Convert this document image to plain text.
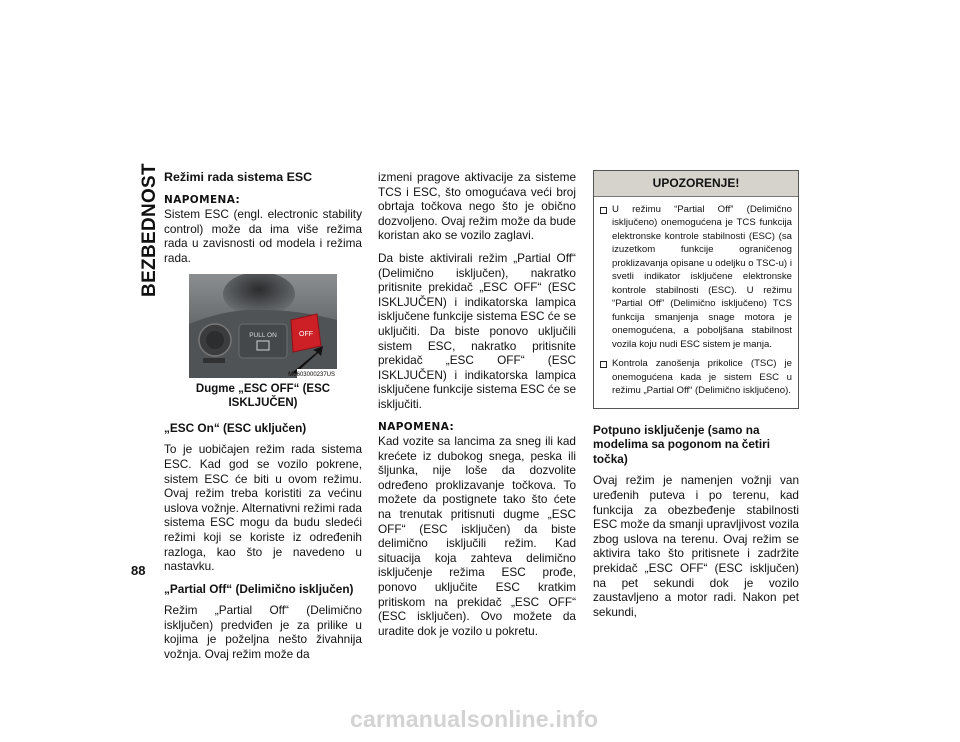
BEZBEDNOST
88
Režimi rada sistema ESC
NAPOMENA:

Sistem ESC (engl. electronic stability control) može da ima više režima rada u zavisnosti od modela i režima rada.

PULL ON	OFF
M0603000237US
Dugme „ESC OFF“ (ESC ISKLJUČEN)
„ESC On“ (ESC uključen)

To je uobičajen režim rada sistema ESC. Kad god se vozilo pokrene, sistem ESC će biti u ovom režimu. Ovaj režim treba koristiti za većinu uslova vožnje. Alternativni režimi rada sistema ESC mogu da budu sledeći režimi koji se koriste iz određenih razloga, kao što je navedeno u nastavku.

„Partial Off“ (Delimično isključen)

Režim „Partial Off“ (Delimično isključen) predviđen je za prilike u kojima je poželjna nešto živahnija vožnja. Ovaj režim može da

izmeni pragove aktivacije za sisteme TCS i ESC, što omogućava veći broj obrtaja točkova nego što je obično dozvoljeno. Ovaj režim može da bude koristan ako se vozilo zaglavi.

Da biste aktivirali režim „Partial Off“ (Delimično isključen), nakratko pritisnite prekidač „ESC OFF“ (ESC ISKLJUČEN) i indikatorska lampica isključene funkcije sistema ESC će se uključiti. Da biste ponovo uključili sistem ESC, nakratko pritisnite prekidač „ESC OFF“ (ESC ISKLJUČEN) i indikatorska lampica isključene funkcije sistema ESC će se isključiti.

NAPOMENA:

Kad vozite sa lancima za sneg ili kad krećete iz dubokog snega, peska ili šljunka, nije loše da dozvolite određeno proklizavanje točkova. To možete da postignete tako što ćete na trenutak pritisnuti dugme „ESC OFF“ (ESC isključen) da biste delimično isključili režim. Kad situacija koja zahteva delimično isključenje režima ESC prođe, ponovo uključite ESC kratkim pritiskom na prekidač „ESC OFF“ (ESC isključen). Ovo možete da uradite dok je vozilo u pokretu.

UPOZORENJE!
U režimu “Partial Off” (Delimično isključeno) onemogućena je TCS funkcija elektronske kontrole stabilnosti (ESC) (sa izuzetkom funkcije ograničenog proklizavanja opisane u odeljku o TSC-u) i svetli indikator isključene elektronske kontrole stabilnosti (ESC). U režimu “Partial Off” (Delimično isključeno) TCS funkcija smanjenja snage motora je onemogućena, a poboljšana stabilnost vozila koju nudi ESC sistem je manja.
Kontrola zanošenja prikolice (TSC) je onemogućena kada je sistem ESC u režimu „Partial Off“ (Delimično isključeno).
Potpuno isključenje (samo na modelima sa pogonom na četiri točka)

Ovaj režim je namenjen vožnji van uređenih puteva i po terenu, kad funkcija za obezbeđenje stabilnosti ESC može da smanji upravljivost vozila zbog uslova na terenu. Ovaj režim se aktivira tako što pritisnete i zadržite prekidač „ESC OFF“ (ESC isključen) na pet sekundi dok je vozilo zaustavljeno a motor radi. Nakon pet sekundi,

carmanualsonline.info
